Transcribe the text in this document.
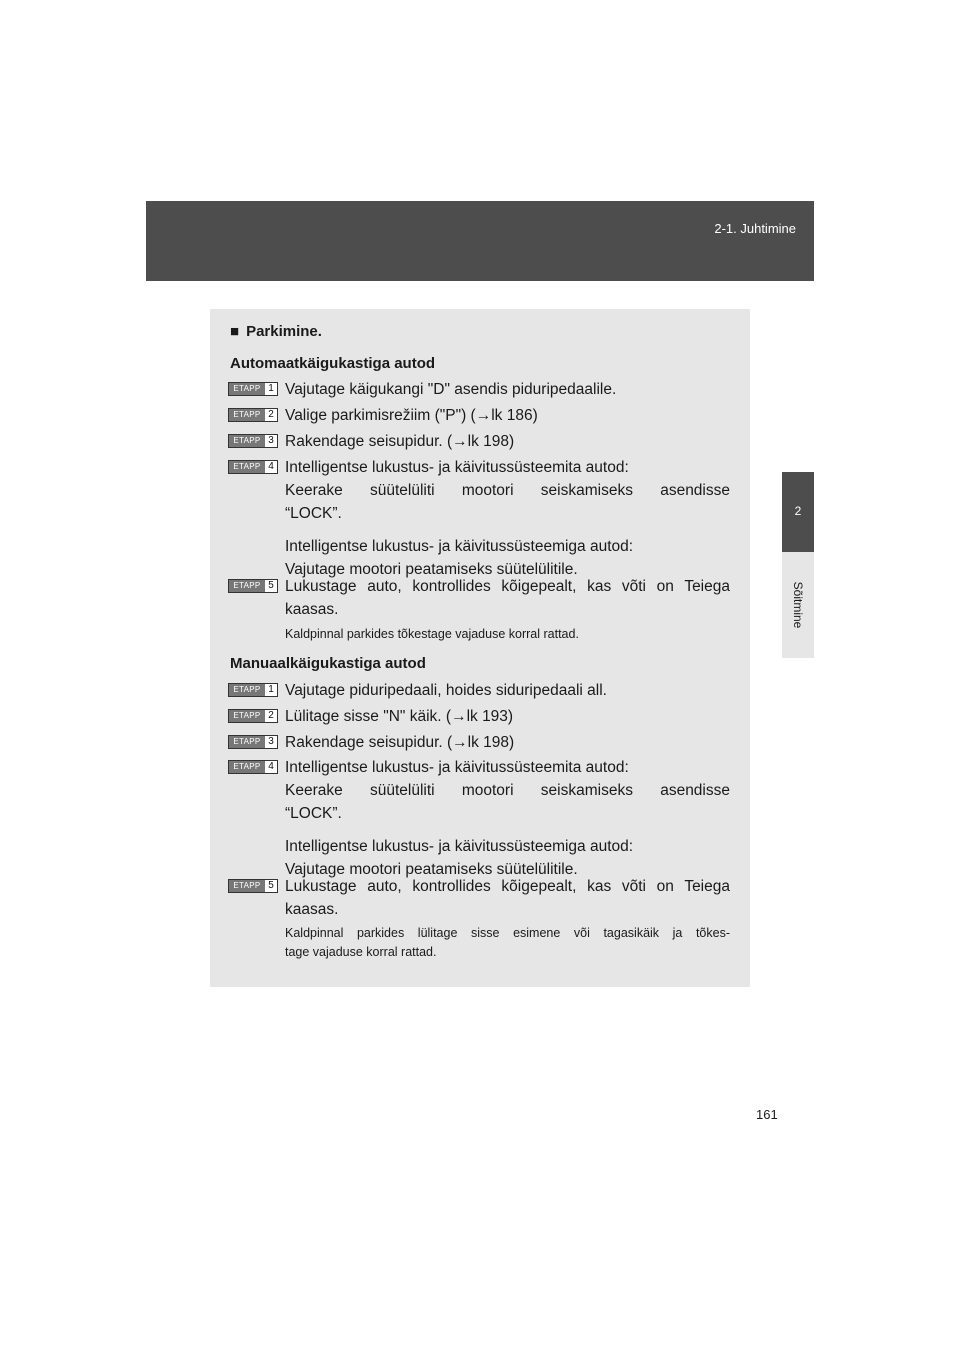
2-1. Juhtimine
2
Sõitmine
■ Parkimine.
Automaatkäigukastiga autod
ETAPP 1 Vajutage käigukangi "D" asendis piduripedaalile.

ETAPP 2 Valige parkimisrežiim ("P") (→lk 186)

ETAPP 3 Rakendage seisupidur. (→lk 198)

ETAPP 4 Intelligentse lukustus- ja käivitussüsteemita autod:

Keerake süütelüliti mootori seiskamiseks asendisse

“LOCK”.

Intelligentse lukustus- ja käivitussüsteemiga autod:

Vajutage mootori peatamiseks süütelülitile.

ETAPP 5 Lukustage auto, kontrollides kõigepealt, kas võti on Teiega

kaasas.

Kaldpinnal parkides tõkestage vajaduse korral rattad.
Manuaalkäigukastiga autod
ETAPP 1 Vajutage piduripedaali, hoides siduripedaali all.

ETAPP 2 Lülitage sisse "N" käik. (→lk 193)

ETAPP 3 Rakendage seisupidur. (→lk 198)

ETAPP 4 Intelligentse lukustus- ja käivitussüsteemita autod:

Keerake süütelüliti mootori seiskamiseks asendisse

“LOCK”.

Intelligentse lukustus- ja käivitussüsteemiga autod:

Vajutage mootori peatamiseks süütelülitile.

ETAPP 5 Lukustage auto, kontrollides kõigepealt, kas võti on Teiega

kaasas.

Kaldpinnal parkides lülitage sisse esimene või tagasikäik ja tõkes-
tage vajaduse korral rattad.
161
